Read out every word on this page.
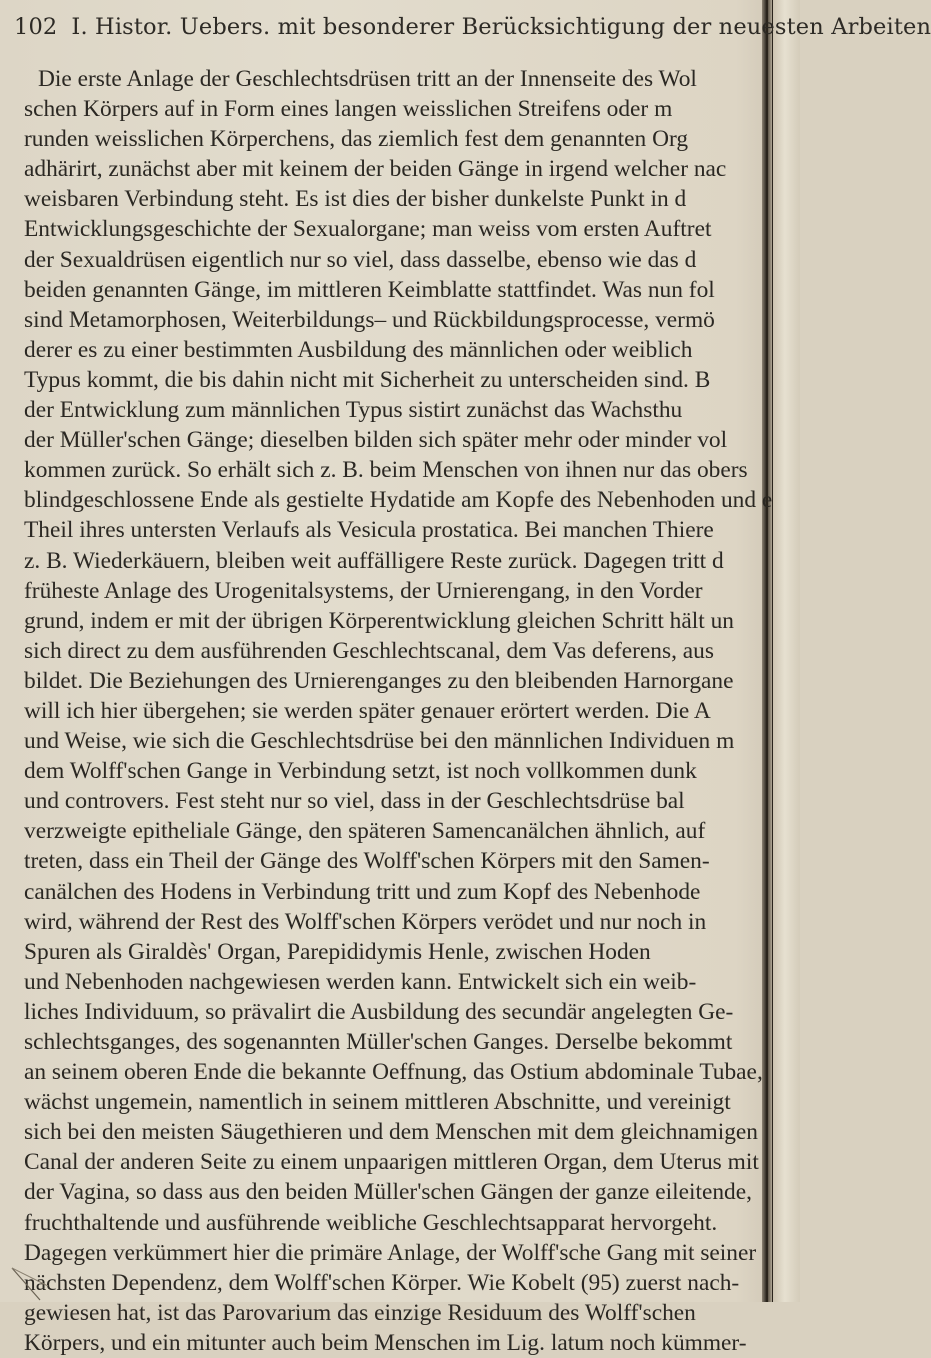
102 I. Histor. Uebers. mit besonderer Berücksichtigung der neuesten Arbeiten
Die erste Anlage der Geschlechtsdrüsen tritt an der Innenseite des Wol
schen Körpers auf in Form eines langen weisslichen Streifens oder m
runden weisslichen Körperchens, das ziemlich fest dem genannten Org
adhärirt, zunächst aber mit keinem der beiden Gänge in irgend welcher nac
weisbaren Verbindung steht. Es ist dies der bisher dunkelste Punkt in d
Entwicklungsgeschichte der Sexualorgane; man weiss vom ersten Auftret
der Sexualdrüsen eigentlich nur so viel, dass dasselbe, ebenso wie das d
beiden genannten Gänge, im mittleren Keimblatte stattfindet. Was nun fol
sind Metamorphosen, Weiterbildungs– und Rückbildungsprocesse, vermö
derer es zu einer bestimmten Ausbildung des männlichen oder weiblich
Typus kommt, die bis dahin nicht mit Sicherheit zu unterscheiden sind. B
der Entwicklung zum männlichen Typus sistirt zunächst das Wachsthu
der Müller'schen Gänge; dieselben bilden sich später mehr oder minder vol
kommen zurück. So erhält sich z. B. beim Menschen von ihnen nur das obers
blindgeschlossene Ende als gestielte Hydatide am Kopfe des Nebenhoden und e
Theil ihres untersten Verlaufs als Vesicula prostatica. Bei manchen Thiere
z. B. Wiederkäuern, bleiben weit auffälligere Reste zurück. Dagegen tritt d
früheste Anlage des Urogenitalsystems, der Urnierengang, in den Vorder
grund, indem er mit der übrigen Körperentwicklung gleichen Schritt hält un
sich direct zu dem ausführenden Geschlechtscanal, dem Vas deferens, aus
bildet. Die Beziehungen des Urnierenganges zu den bleibenden Harnorgane
will ich hier übergehen; sie werden später genauer erörtert werden. Die A
und Weise, wie sich die Geschlechtsdrüse bei den männlichen Individuen m
dem Wolff'schen Gange in Verbindung setzt, ist noch vollkommen dunk
und controvers. Fest steht nur so viel, dass in der Geschlechtsdrüse bal
verzweigte epitheliale Gänge, den späteren Samencanälchen ähnlich, auf
treten, dass ein Theil der Gänge des Wolff'schen Körpers mit den Samen-
canälchen des Hodens in Verbindung tritt und zum Kopf des Nebenhode
wird, während der Rest des Wolff'schen Körpers verödet und nur noch in
Spuren als Giraldès' Organ, Parepididymis Henle, zwischen Hoden
und Nebenhoden nachgewiesen werden kann. Entwickelt sich ein weib-
liches Individuum, so prävalirt die Ausbildung des secundär angelegten Ge-
schlechtsganges, des sogenannten Müller'schen Ganges. Derselbe bekommt
an seinem oberen Ende die bekannte Oeffnung, das Ostium abdominale Tubae,
wächst ungemein, namentlich in seinem mittleren Abschnitte, und vereinigt
sich bei den meisten Säugethieren und dem Menschen mit dem gleichnamigen
Canal der anderen Seite zu einem unpaarigen mittleren Organ, dem Uterus mit
der Vagina, so dass aus den beiden Müller'schen Gängen der ganze eileitende,
fruchthaltende und ausführende weibliche Geschlechtsapparat hervorgeht.
Dagegen verkümmert hier die primäre Anlage, der Wolff'sche Gang mit seiner
nächsten Dependenz, dem Wolff'schen Körper. Wie Kobelt (95) zuerst nach-
gewiesen hat, ist das Parovarium das einzige Residuum des Wolff'schen
Körpers, und ein mitunter auch beim Menschen im Lig. latum noch kümmer-
